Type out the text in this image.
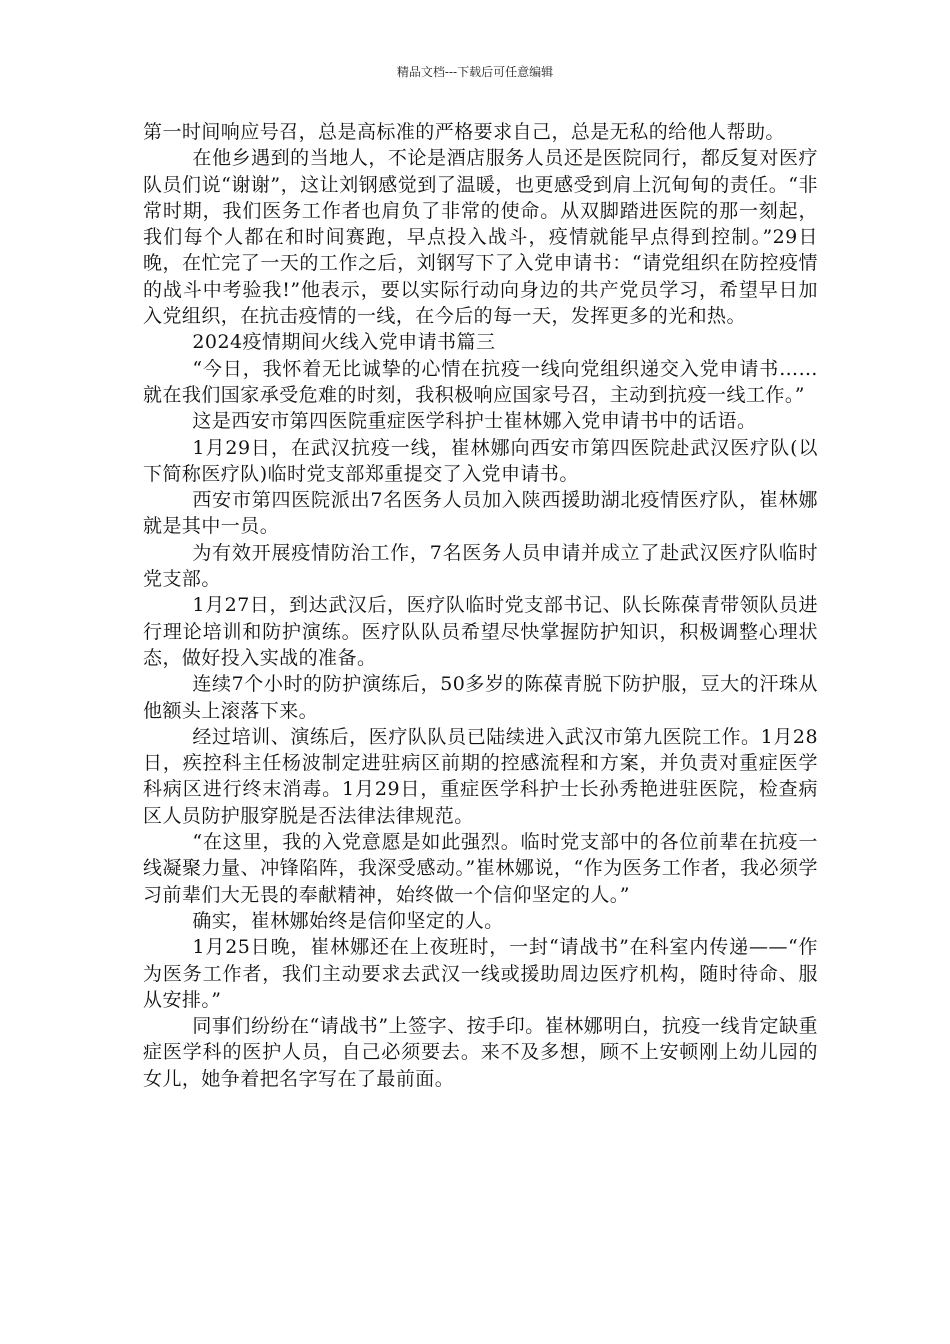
精品文档---下载后可任意编辑

第一时间响应号召，总是高标准的严格要求自己，总是无私的给他人帮助。

在他乡遇到的当地人，不论是酒店服务人员还是医院同行，都反复对医疗队员们说“谢谢”，这让刘钢感觉到了温暖，也更感受到肩上沉甸甸的责任。“非常时期，我们医务工作者也肩负了非常的使命。从双脚踏进医院的那一刻起，我们每个人都在和时间赛跑，早点投入战斗，疫情就能早点得到控制。”29日晚，在忙完了一天的工作之后，刘钢写下了入党申请书：“请党组织在防控疫情的战斗中考验我!”他表示，要以实际行动向身边的共产党员学习，希望早日加入党组织，在抗击疫情的一线，在今后的每一天，发挥更多的光和热。

2024疫情期间火线入党申请书篇三

“今日，我怀着无比诚挚的心情在抗疫一线向党组织递交入党申请书……就在我们国家承受危难的时刻，我积极响应国家号召，主动到抗疫一线工作。”

这是西安市第四医院重症医学科护士崔林娜入党申请书中的话语。

1月29日，在武汉抗疫一线，崔林娜向西安市第四医院赴武汉医疗队(以下简称医疗队)临时党支部郑重提交了入党申请书。

西安市第四医院派出7名医务人员加入陕西援助湖北疫情医疗队，崔林娜就是其中一员。

为有效开展疫情防治工作，7名医务人员申请并成立了赴武汉医疗队临时党支部。

1月27日，到达武汉后，医疗队临时党支部书记、队长陈葆青带领队员进行理论培训和防护演练。医疗队队员希望尽快掌握防护知识，积极调整心理状态，做好投入实战的准备。

连续7个小时的防护演练后，50多岁的陈葆青脱下防护服，豆大的汗珠从他额头上滚落下来。

经过培训、演练后，医疗队队员已陆续进入武汉市第九医院工作。1月28日，疾控科主任杨波制定进驻病区前期的控感流程和方案，并负责对重症医学科病区进行终末消毒。1月29日，重症医学科护士长孙秀艳进驻医院，检查病区人员防护服穿脱是否法律法律规范。

“在这里，我的入党意愿是如此强烈。临时党支部中的各位前辈在抗疫一线凝聚力量、冲锋陷阵，我深受感动。”崔林娜说，“作为医务工作者，我必须学习前辈们大无畏的奉献精神，始终做一个信仰坚定的人。”

确实，崔林娜始终是信仰坚定的人。

1月25日晚，崔林娜还在上夜班时，一封“请战书”在科室内传递——“作为医务工作者，我们主动要求去武汉一线或援助周边医疗机构，随时待命、服从安排。”

同事们纷纷在“请战书”上签字、按手印。崔林娜明白，抗疫一线肯定缺重症医学科的医护人员，自己必须要去。来不及多想，顾不上安顿刚上幼儿园的女儿，她争着把名字写在了最前面。
